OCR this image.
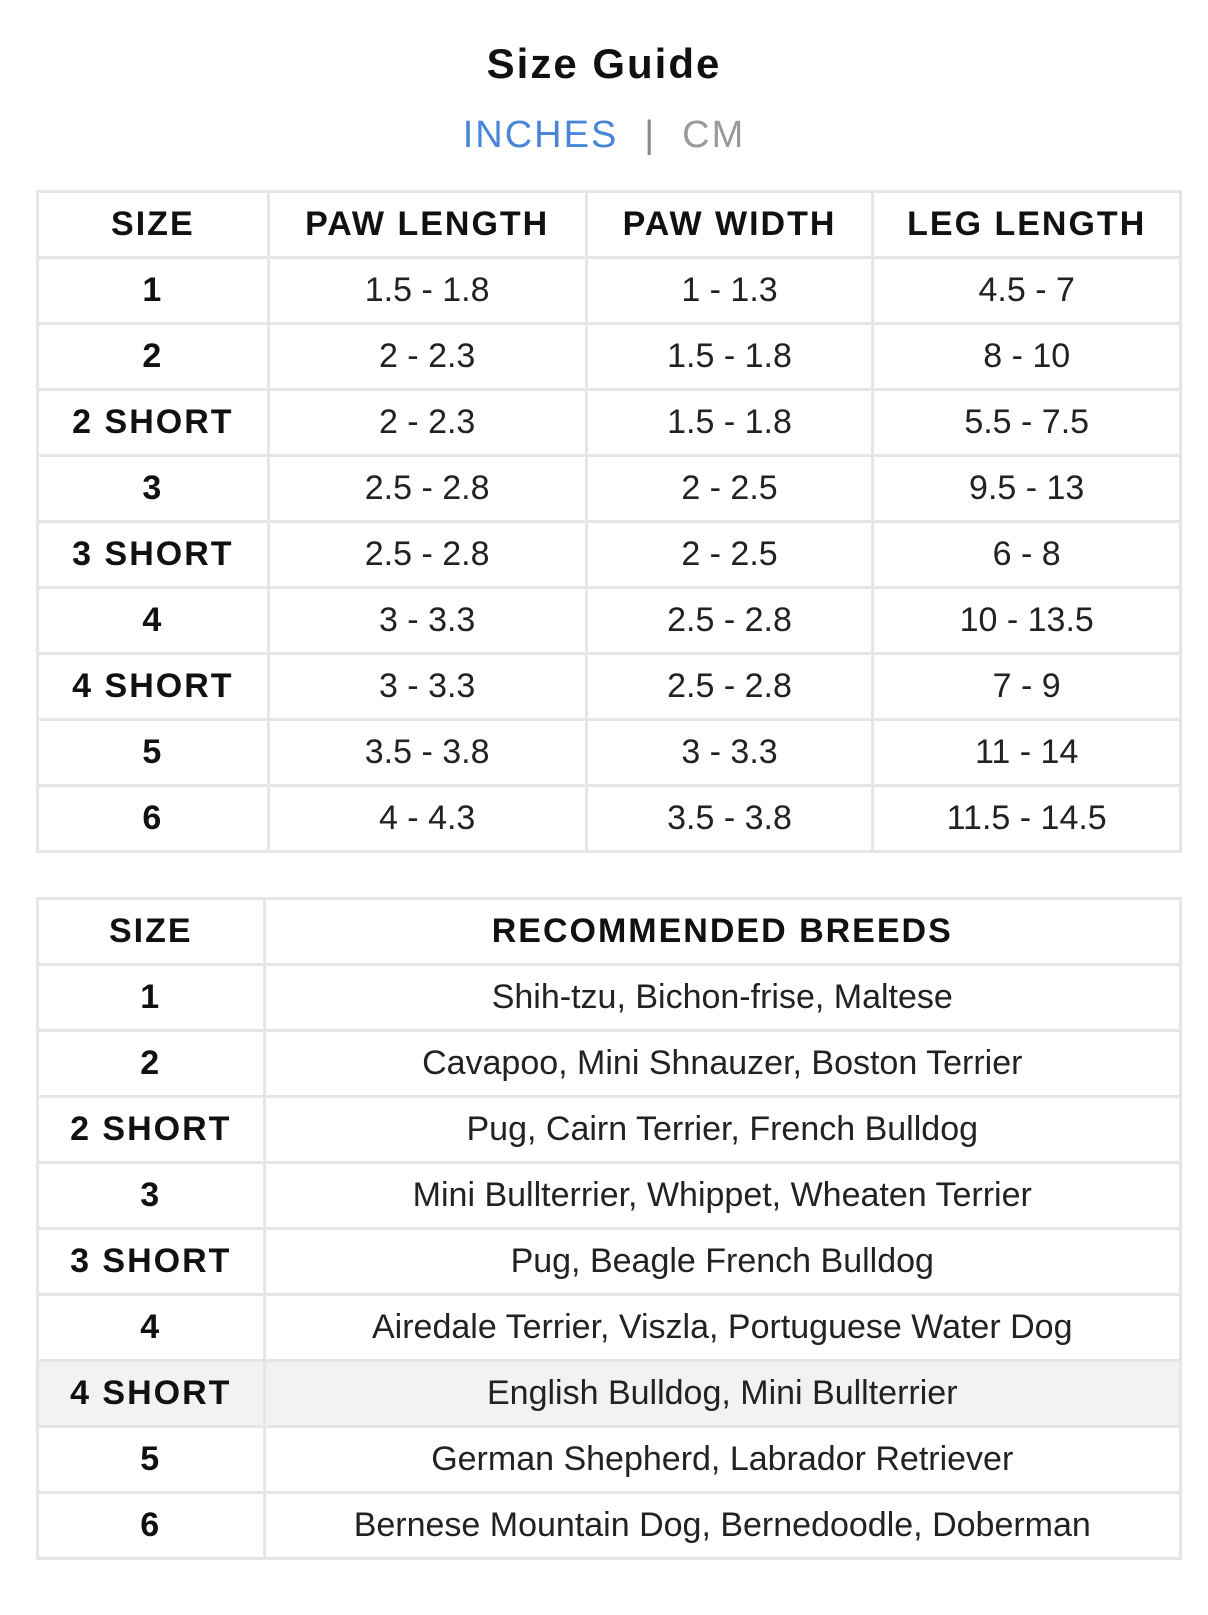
Size Guide
INCHES | CM
SIZE	PAW LENGTH	PAW WIDTH	LEG LENGTH
1	1.5 - 1.8	1 - 1.3	4.5 - 7
2	2 - 2.3	1.5 - 1.8	8 - 10
2 SHORT	2 - 2.3	1.5 - 1.8	5.5 - 7.5
3	2.5 - 2.8	2 - 2.5	9.5 - 13
3 SHORT	2.5 - 2.8	2 - 2.5	6 - 8
4	3 - 3.3	2.5 - 2.8	10 - 13.5
4 SHORT	3 - 3.3	2.5 - 2.8	7 - 9
5	3.5 - 3.8	3 - 3.3	11 - 14
6	4 - 4.3	3.5 - 3.8	11.5 - 14.5
SIZE	RECOMMENDED BREEDS
1	Shih-tzu, Bichon-frise, Maltese
2	Cavapoo, Mini Shnauzer, Boston Terrier
2 SHORT	Pug, Cairn Terrier, French Bulldog
3	Mini Bullterrier, Whippet, Wheaten Terrier
3 SHORT	Pug, Beagle French Bulldog
4	Airedale Terrier, Viszla, Portuguese Water Dog
4 SHORT	English Bulldog, Mini Bullterrier
5	German Shepherd, Labrador Retriever
6	Bernese Mountain Dog, Bernedoodle, Doberman
